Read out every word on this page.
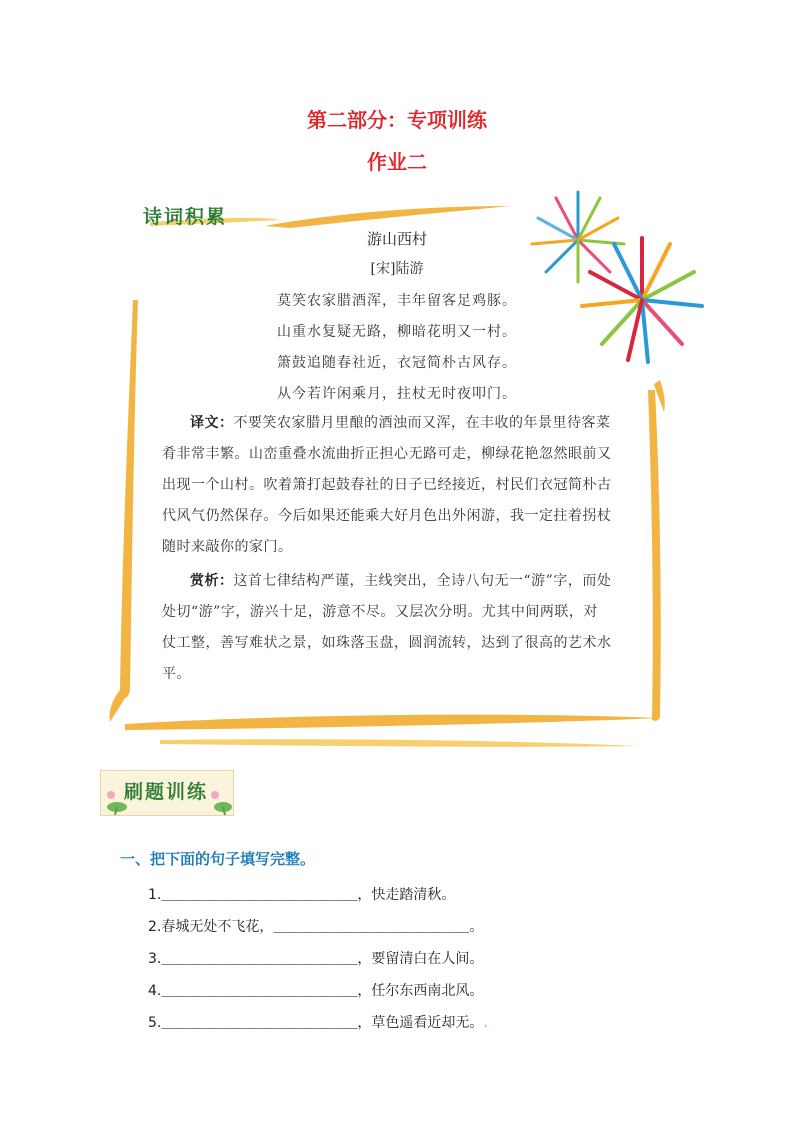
第二部分：专项训练
作业二
诗词积累
游山西村
[宋]陆游
莫笑农家腊酒浑，丰年留客足鸡豚。
山重水复疑无路，柳暗花明又一村。
箫鼓追随春社近，衣冠简朴古风存。
从今若许闲乘月，拄杖无时夜叩门。
译文：不要笑农家腊月里酿的酒浊而又浑，在丰收的年景里待客菜肴非常丰繁。山峦重叠水流曲折正担心无路可走，柳绿花艳忽然眼前又出现一个山村。吹着箫打起鼓春社的日子已经接近，村民们衣冠简朴古代风气仍然保存。今后如果还能乘大好月色出外闲游，我一定拄着拐杖随时来敲你的家门。
赏析：这首七律结构严谨，主线突出，全诗八句无一“游”字，而处处切“游”字，游兴十足，游意不尽。又层次分明。尤其中间两联，对仗工整，善写难状之景，如珠落玉盘，圆润流转，达到了很高的艺术水平。
刷题训练
一、把下面的句子填写完整。
1.＿＿＿＿＿＿＿＿＿＿＿＿＿＿，快走踏清秋。
2.春城无处不飞花，＿＿＿＿＿＿＿＿＿＿＿＿＿＿。
3.＿＿＿＿＿＿＿＿＿＿＿＿＿＿，要留清白在人间。
4.＿＿＿＿＿＿＿＿＿＿＿＿＿＿，任尔东西南北风。
5.＿＿＿＿＿＿＿＿＿＿＿＿＿＿，草色遥看近却无。.
